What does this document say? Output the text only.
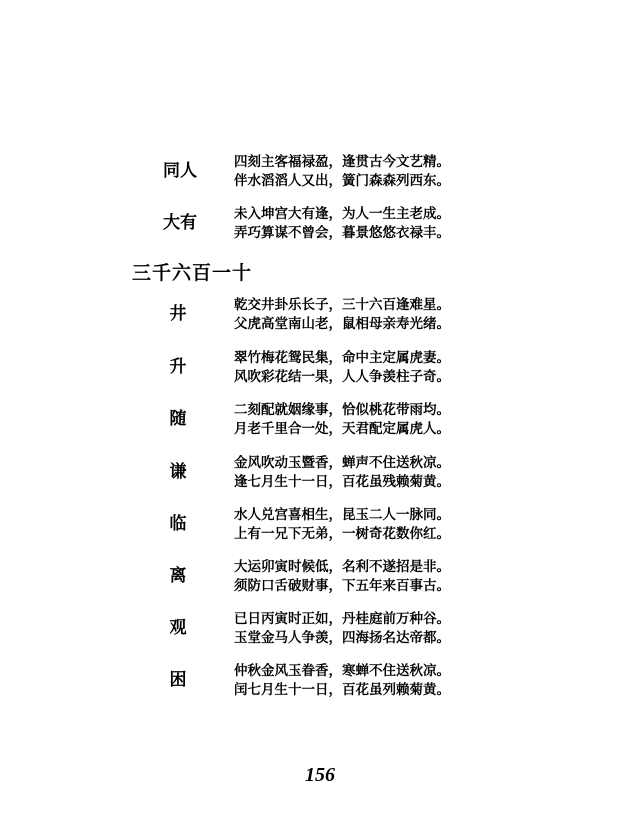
同人	四刻主客福禄盈，逢贯古今文艺精。
伴水滔滔人又出，簧门森森列西东。
大有	未入坤宫大有逢，为人一生主老成。
弄巧算谋不曾会，暮景悠悠衣禄丰。
三千六百一十
井	乾交井卦乐长子，三十六百逢难星。
父虎高堂南山老，鼠相母亲寿光绪。
升	翠竹梅花鸳民集，命中主定属虎妻。
风吹彩花结一果，人人争羡柱子奇。
随	二刻配就姻缘事，恰似桃花带雨均。
月老千里合一处，天君配定属虎人。
谦	金风吹动玉暨香，蝉声不住送秋凉。
逢七月生十一日，百花虽残赖菊黄。
临	水人兑宫喜相生，昆玉二人一脉同。
上有一兄下无弟，一树奇花数你红。
离	大运卯寅时候低，名利不遂招是非。
须防口舌破财事，下五年来百事古。
观	已日丙寅时正如，丹桂庭前万种谷。
玉堂金马人争羡，四海扬名达帝都。
困	仲秋金风玉眷香，寒蝉不住送秋凉。
闰七月生十一日，百花虽列赖菊黄。
156
